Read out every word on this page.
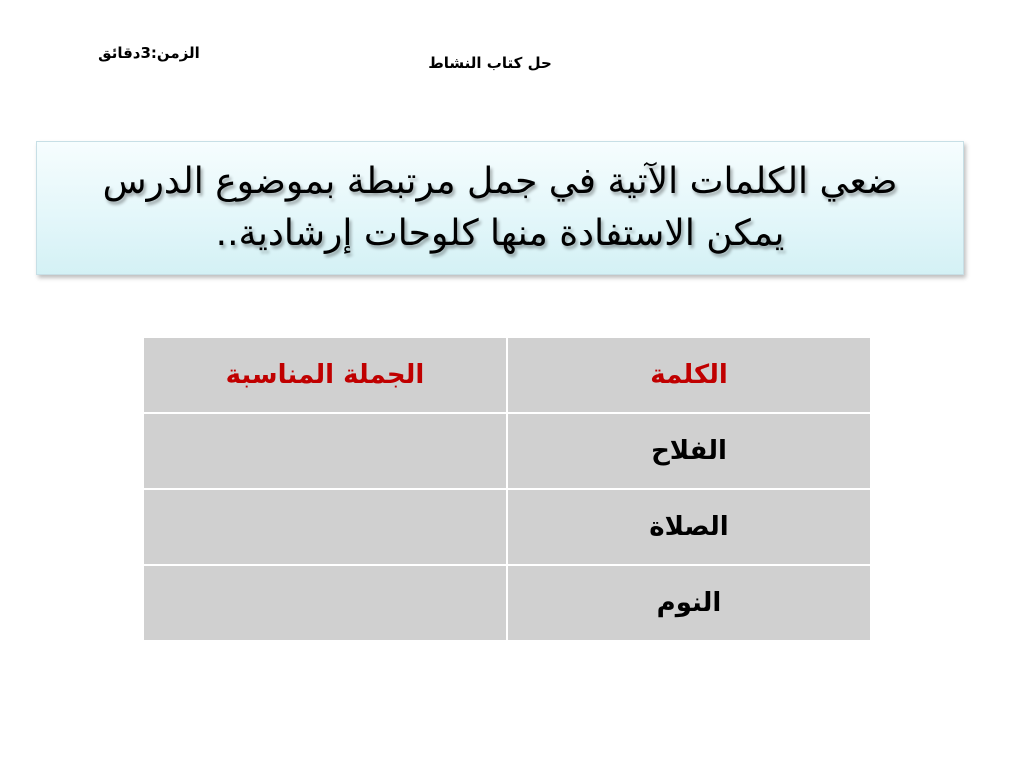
الزمن:3دقائق
حل كتاب النشاط
ضعي الكلمات الآتية في جمل مرتبطة بموضوع الدرس
يمكن الاستفادة منها كلوحات إرشادية..
الكلمة	الجملة المناسبة
الفلاح	
الصلاة	
النوم	
